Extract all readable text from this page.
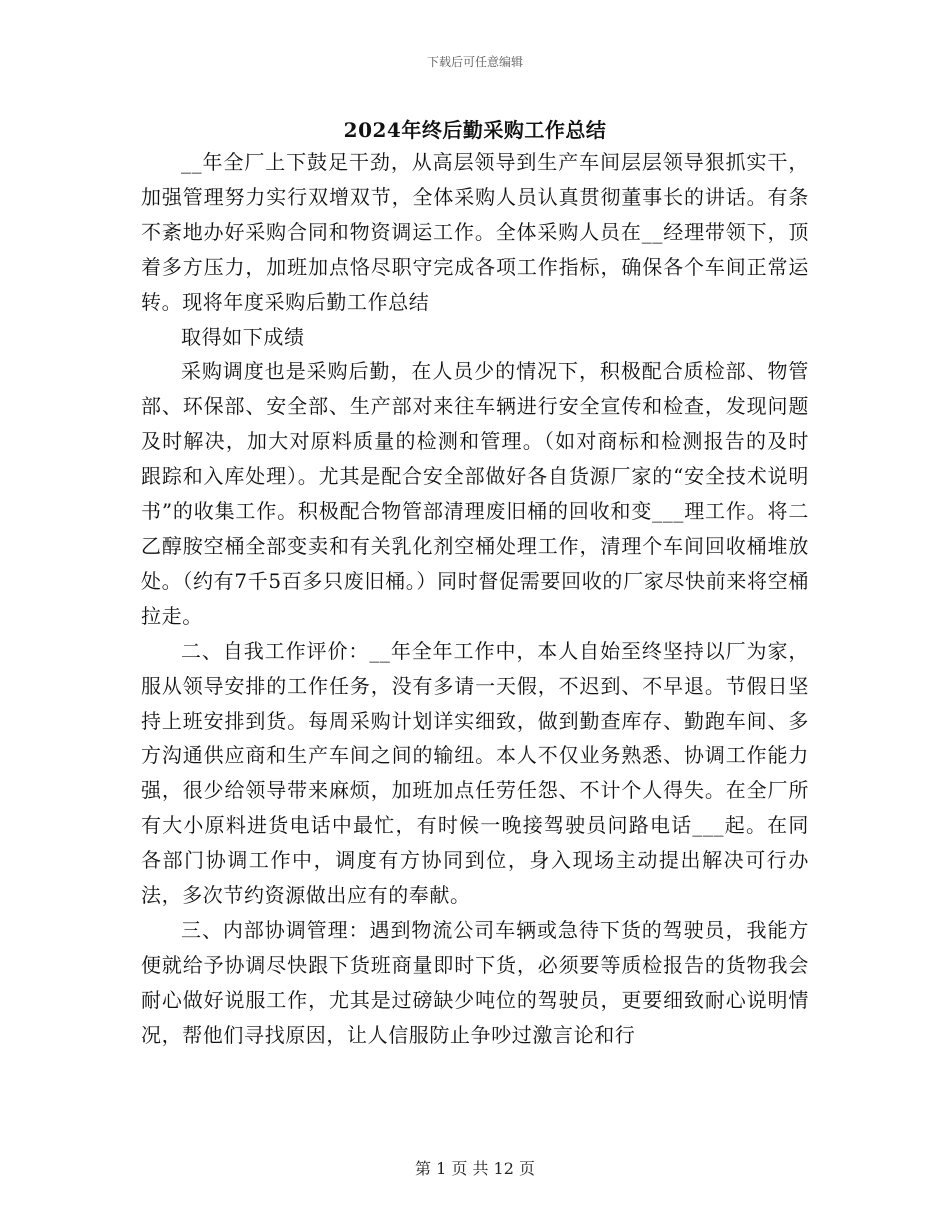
下载后可任意编辑
2024年终后勤采购工作总结

__年全厂上下鼓足干劲，从高层领导到生产车间层层领导狠抓实干，加强管理努力实行双增双节，全体采购人员认真贯彻董事长的讲话。有条不紊地办好采购合同和物资调运工作。全体采购人员在__经理带领下，顶着多方压力，加班加点恪尽职守完成各项工作指标，确保各个车间正常运转。现将年度采购后勤工作总结

取得如下成绩

采购调度也是采购后勤，在人员少的情况下，积极配合质检部、物管部、环保部、安全部、生产部对来往车辆进行安全宣传和检查，发现问题及时解决，加大对原料质量的检测和管理。（如对商标和检测报告的及时跟踪和入库处理）。尤其是配合安全部做好各自货源厂家的“安全技术说明书”的收集工作。积极配合物管部清理废旧桶的回收和变___理工作。将二乙醇胺空桶全部变卖和有关乳化剂空桶处理工作，清理个车间回收桶堆放处。（约有7千5百多只废旧桶。）同时督促需要回收的厂家尽快前来将空桶拉走。

二、自我工作评价：__年全年工作中，本人自始至终坚持以厂为家，服从领导安排的工作任务，没有多请一天假，不迟到、不早退。节假日坚持上班安排到货。每周采购计划详实细致，做到勤查库存、勤跑车间、多方沟通供应商和生产车间之间的输纽。本人不仅业务熟悉、协调工作能力强，很少给领导带来麻烦，加班加点任劳任怨、不计个人得失。在全厂所有大小原料进货电话中最忙，有时候一晚接驾驶员问路电话___起。在同各部门协调工作中，调度有方协同到位，身入现场主动提出解决可行办法，多次节约资源做出应有的奉献。

三、内部协调管理：遇到物流公司车辆或急待下货的驾驶员，我能方便就给予协调尽快跟下货班商量即时下货，必须要等质检报告的货物我会耐心做好说服工作，尤其是过磅缺少吨位的驾驶员，更要细致耐心说明情况，帮他们寻找原因，让人信服防止争吵过激言论和行

第 1 页 共 12 页
